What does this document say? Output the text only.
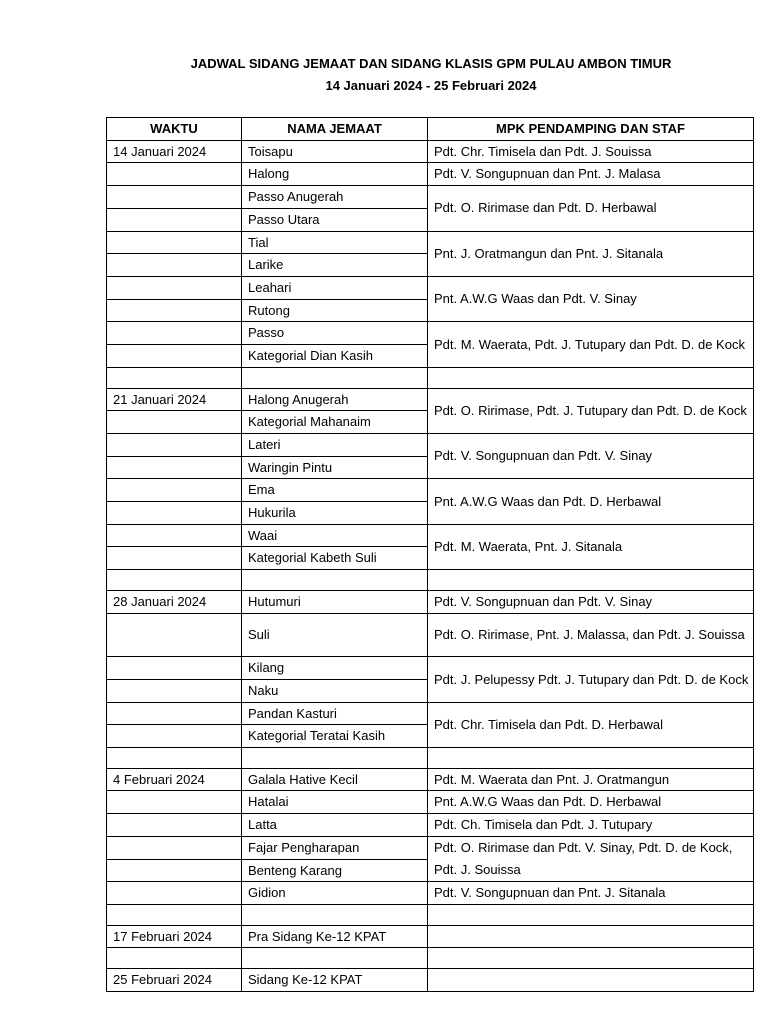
JADWAL SIDANG JEMAAT DAN SIDANG KLASIS GPM PULAU AMBON TIMUR
14 Januari 2024 - 25 Februari 2024
WAKTU	NAMA JEMAAT	MPK PENDAMPING DAN STAF
14 Januari 2024	Toisapu	Pdt. Chr. Timisela dan Pdt. J. Souissa
	Halong	Pdt. V. Songupnuan dan Pnt. J. Malasa
	Passo Anugerah	Pdt. O. Ririmase dan Pdt. D. Herbawal
	Passo Utara	
	Tial	Pnt. J. Oratmangun dan Pnt. J. Sitanala
	Larike	
	Leahari	Pnt. A.W.G Waas dan Pdt. V. Sinay
	Rutong	
	Passo	Pdt. M. Waerata, Pdt. J. Tutupary dan Pdt. D. de Kock
	Kategorial Dian Kasih	

21 Januari 2024	Halong Anugerah	Pdt. O. Ririmase, Pdt. J. Tutupary dan Pdt. D. de Kock
	Kategorial Mahanaim	
	Lateri	Pdt. V. Songupnuan dan Pdt. V. Sinay
	Waringin Pintu	
	Ema	Pnt. A.W.G Waas dan Pdt. D. Herbawal
	Hukurila	
	Waai	Pdt. M. Waerata, Pnt. J. Sitanala
	Kategorial Kabeth Suli	

28 Januari 2024	Hutumuri	Pdt. V. Songupnuan dan Pdt. V. Sinay
	Suli	Pdt. O. Ririmase, Pnt. J. Malassa, dan Pdt. J. Souissa
	Kilang	Pdt. J. Pelupessy Pdt. J. Tutupary dan Pdt. D. de Kock
	Naku	
	Pandan Kasturi	Pdt. Chr. Timisela dan Pdt. D. Herbawal
	Kategorial Teratai Kasih	

4 Februari 2024	Galala Hative Kecil	Pdt. M. Waerata dan Pnt. J. Oratmangun
	Hatalai	Pnt. A.W.G Waas dan Pdt. D. Herbawal
	Latta	Pdt. Ch. Timisela dan Pdt. J. Tutupary
	Fajar Pengharapan	Pdt. O. Ririmase dan Pdt. V. Sinay, Pdt. D. de Kock, Pdt. J. Souissa
	Benteng Karang	
	Gidion	Pdt. V. Songupnuan dan Pnt. J. Sitanala

17 Februari 2024	Pra Sidang Ke-12 KPAT	

25 Februari 2024	Sidang Ke-12 KPAT	
